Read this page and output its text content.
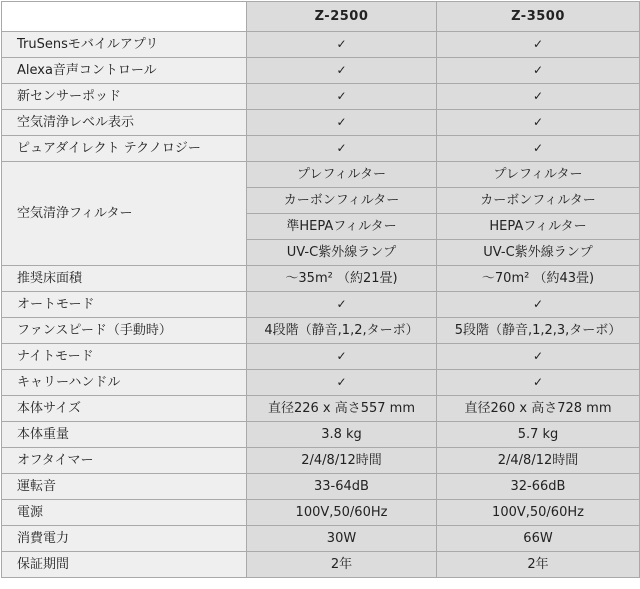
	Z-2500	Z-3500
TruSensモバイルアプリ	✓	✓
Alexa音声コントロール	✓	✓
新センサーポッド	✓	✓
空気清浄レベル表示	✓	✓
ピュアダイレクト テクノロジー	✓	✓
空気清浄フィルター	プレフィルター	プレフィルター
	カーボンフィルター	カーボンフィルター
	準HEPAフィルター	HEPAフィルター
	UV-C紫外線ランプ	UV-C紫外線ランプ
推奨床面積	〜35m² （約21畳)	〜70m² （約43畳)
オートモード	✓	✓
ファンスピード（手動時）	4段階（静音,1,2,ターボ）	5段階（静音,1,2,3,ターボ）
ナイトモード	✓	✓
キャリーハンドル	✓	✓
本体サイズ	直径226 x 高さ557 mm	直径260 x 高さ728 mm
本体重量	3.8 kg	5.7 kg
オフタイマー	2/4/8/12時間	2/4/8/12時間
運転音	33-64dB	32-66dB
電源	100V,50/60Hz	100V,50/60Hz
消費電力	30W	66W
保証期間	2年	2年
